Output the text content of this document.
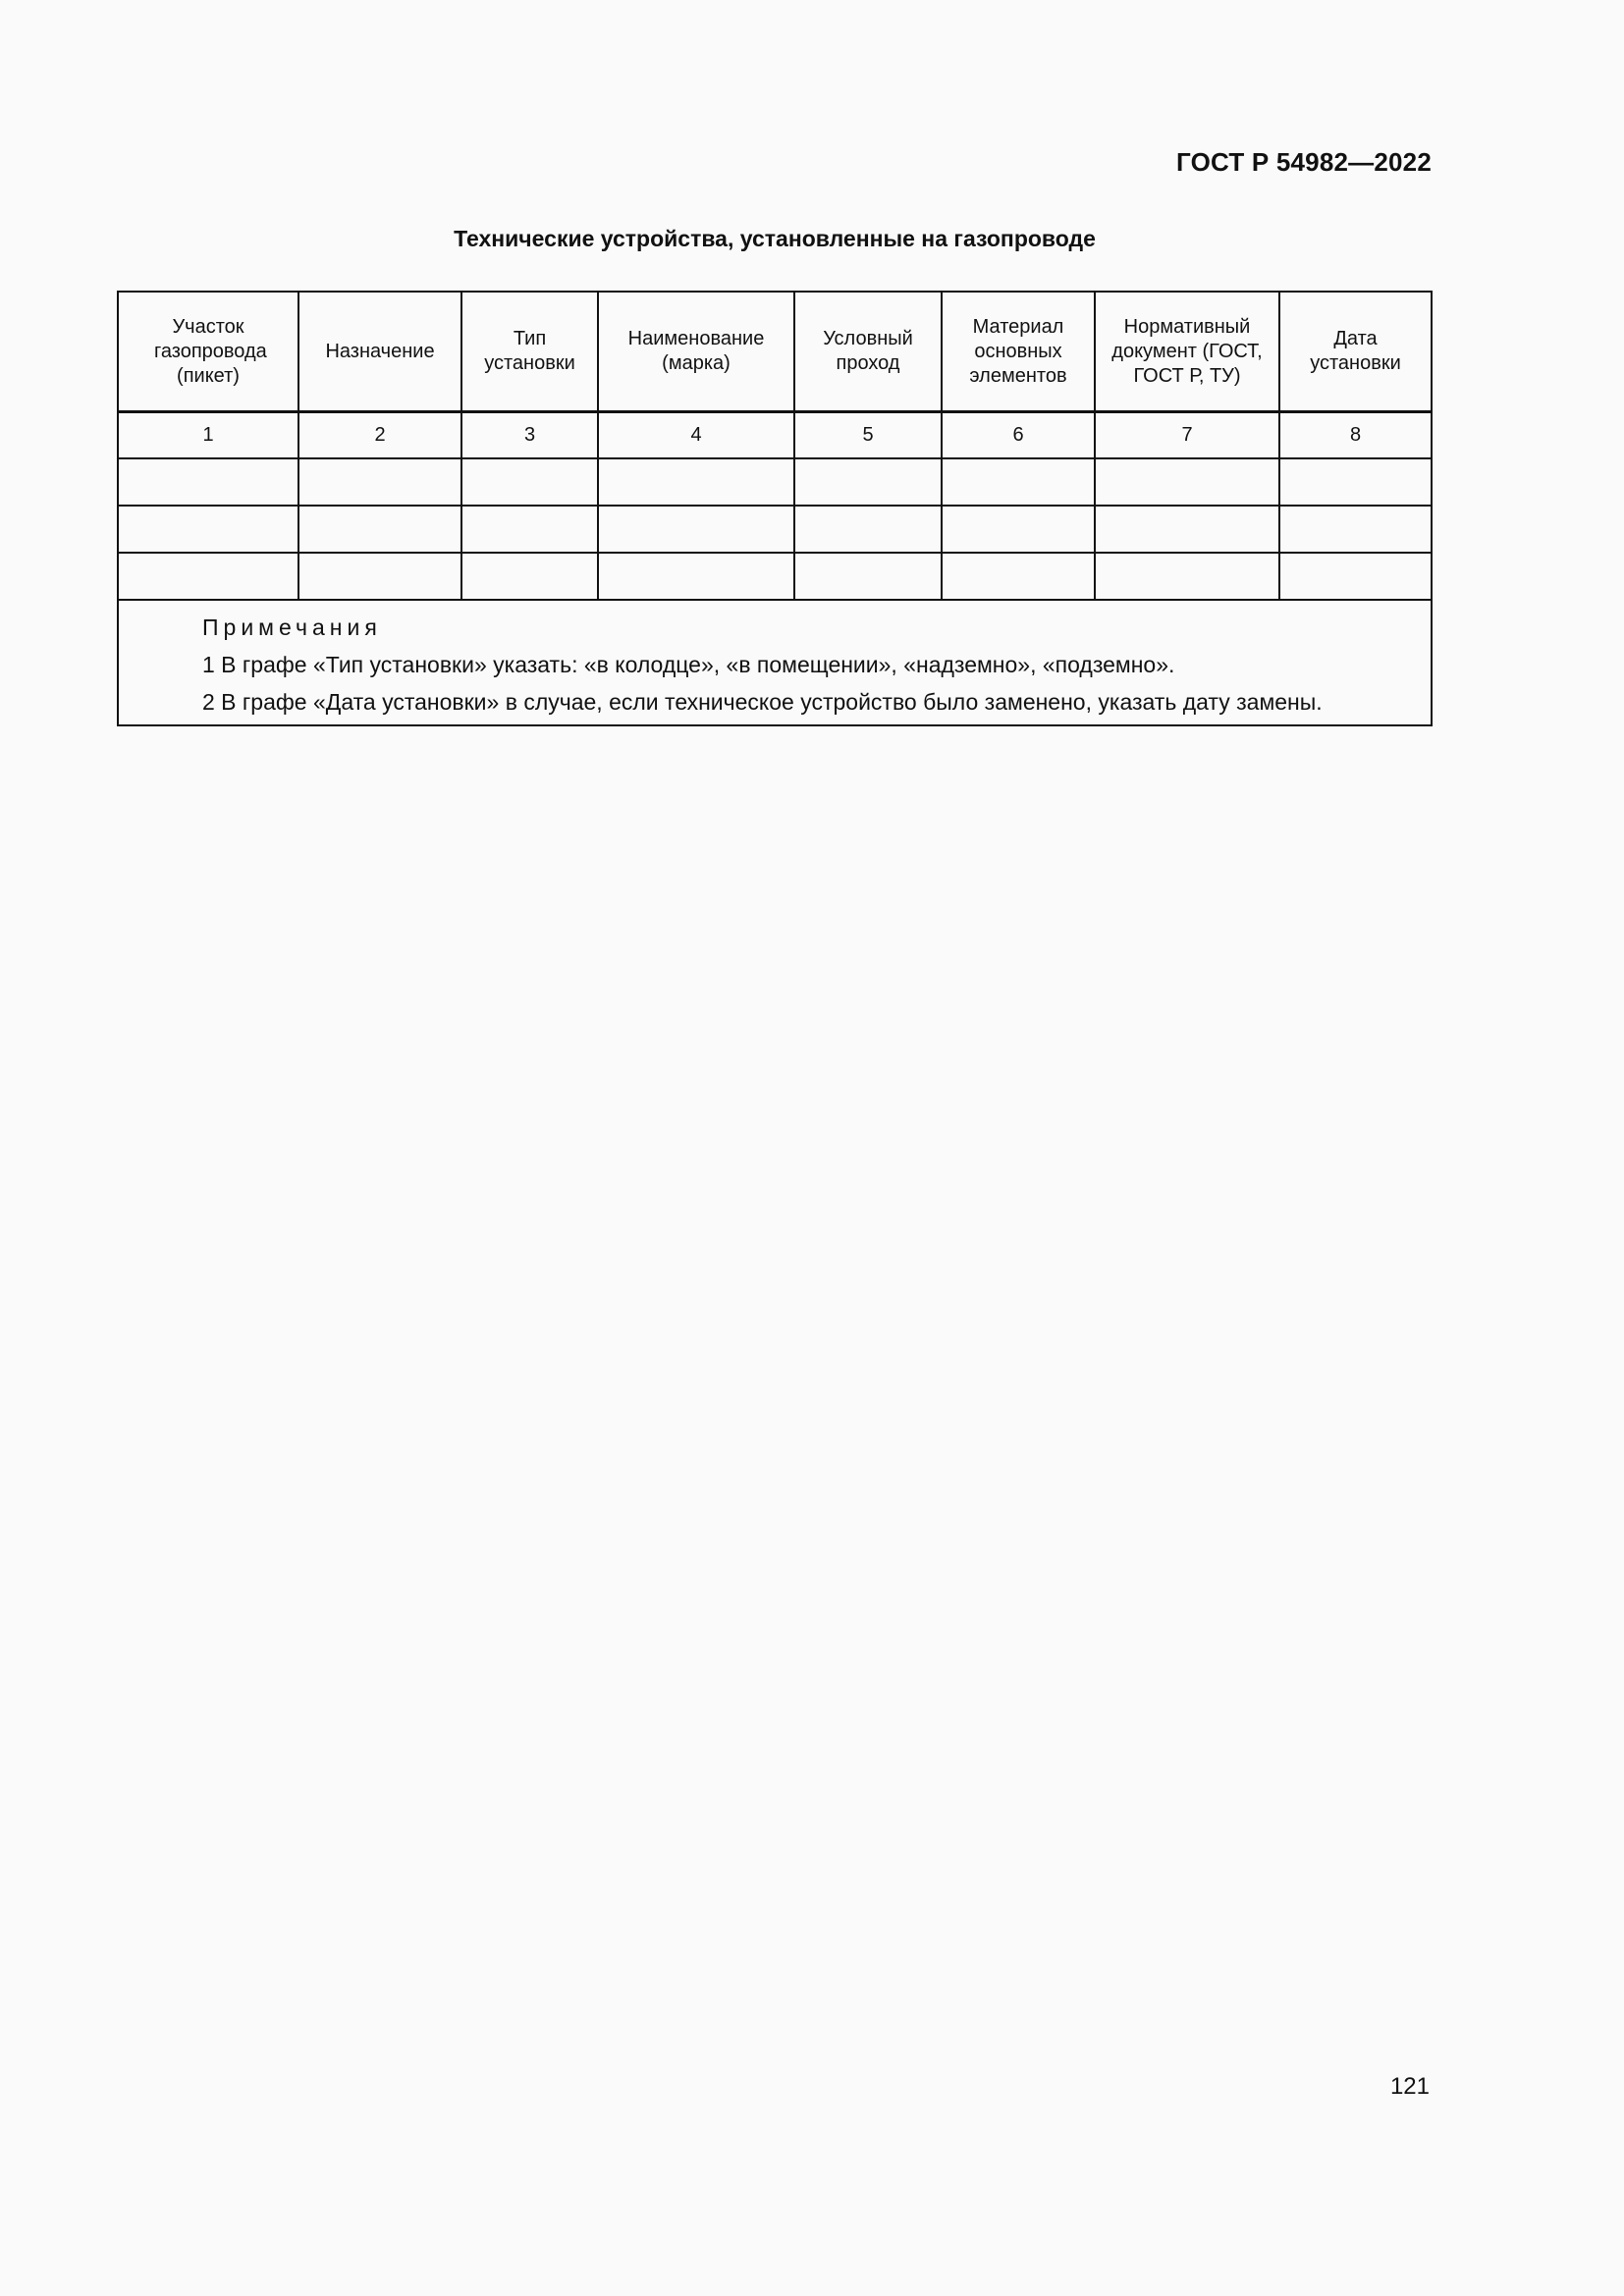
ГОСТ Р 54982—2022
Технические устройства, установленные на газопроводе
Участок газопровода (пикет)	Назначение	Тип установки	Наименование (марка)	Условный проход	Материал основных элементов	Нормативный документ (ГОСТ, ГОСТ Р, ТУ)	Дата установки
1	2	3	4	5	6	7	8

Примечания
1 В графе «Тип установки» указать: «в колодце», «в помещении», «надземно», «подземно».
2 В графе «Дата установки» в случае, если техническое устройство было заменено, указать дату замены.							
121
